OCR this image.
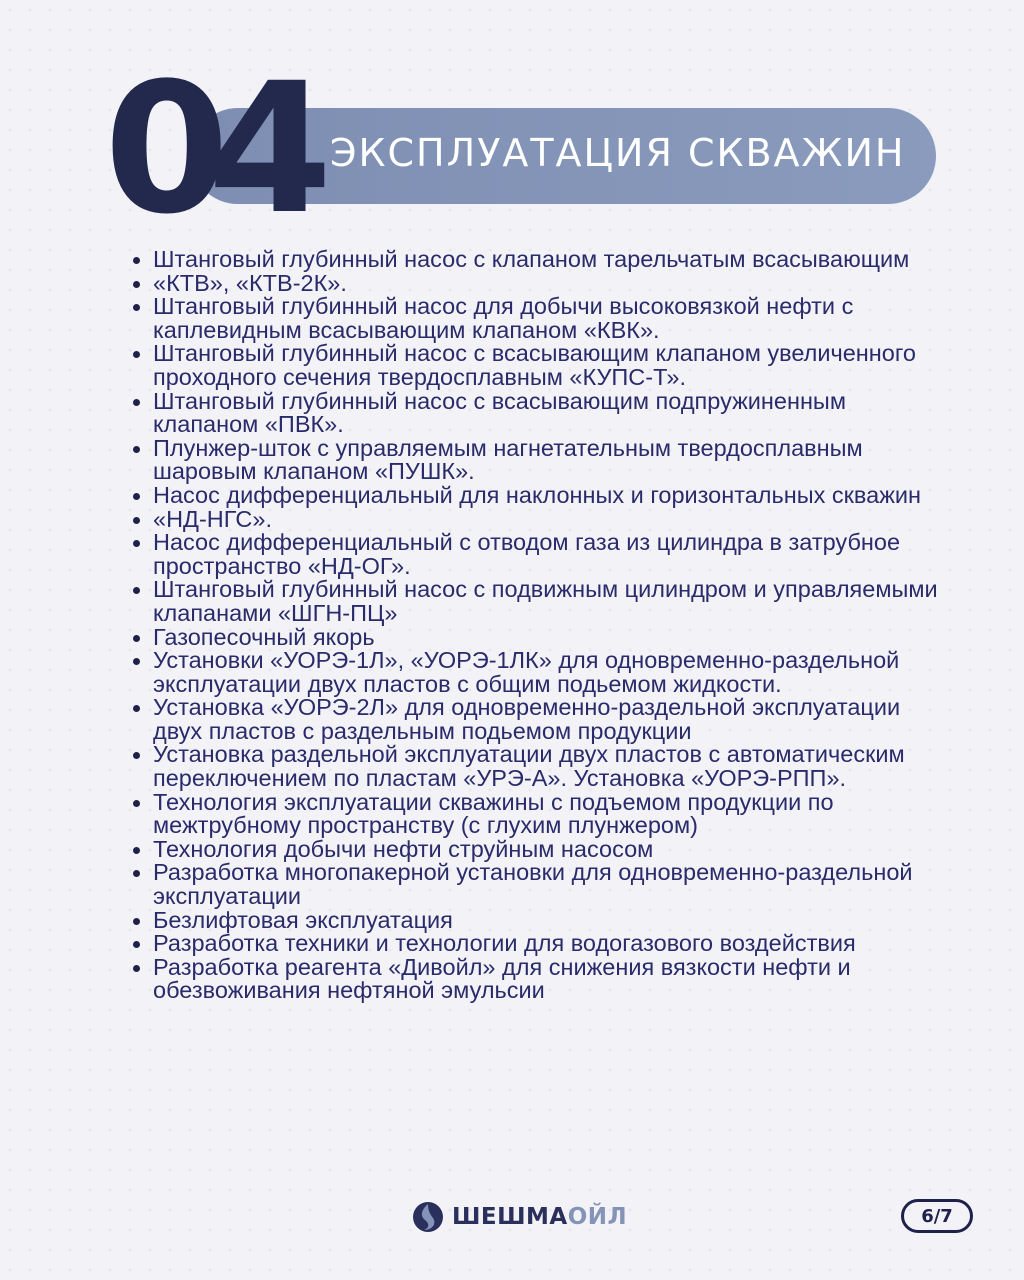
04 ЭКСПЛУАТАЦИЯ СКВАЖИН
Штанговый глубинный насос с клапаном тарельчатым всасывающим
«КТВ», «КТВ-2К».
Штанговый глубинный насос для добычи высоковязкой нефти с каплевидным всасывающим клапаном «КВК».
Штанговый глубинный насос с всасывающим клапаном увеличенного проходного сечения твердосплавным «КУПС-Т».
Штанговый глубинный насос с всасывающим подпружиненным клапаном «ПВК».
Плунжер-шток с управляемым нагнетательным твердосплавным шаровым клапаном «ПУШК».
Насос дифференциальный для наклонных и горизонтальных скважин
«НД-НГС».
Насос дифференциальный с отводом газа из цилиндра в затрубное пространство «НД-ОГ».
Штанговый глубинный насос с подвижным цилиндром и управляемыми клапанами «ШГН-ПЦ»
Газопесочный якорь
Установки «УОРЭ-1Л», «УОРЭ-1ЛК» для одновременно-раздельной эксплуатации двух пластов с общим подьемом жидкости.
Установка «УОРЭ-2Л» для одновременно-раздельной эксплуатации двух пластов с раздельным подьемом продукции
Установка раздельной эксплуатации двух пластов с автоматическим переключением по пластам «УРЭ-А». Установка «УОРЭ-РПП».
Технология эксплуатации скважины с подъемом продукции по межтрубному пространству (с глухим плунжером)
Технология добычи нефти струйным насосом
Разработка многопакерной установки для одновременно-раздельной эксплуатации
Безлифтовая эксплуатация
Разработка техники и технологии для водогазового воздействия
Разработка реагента «Дивойл» для снижения вязкости нефти и обезвоживания нефтяной эмульсии
ШЕШМАОЙЛ	6/7
